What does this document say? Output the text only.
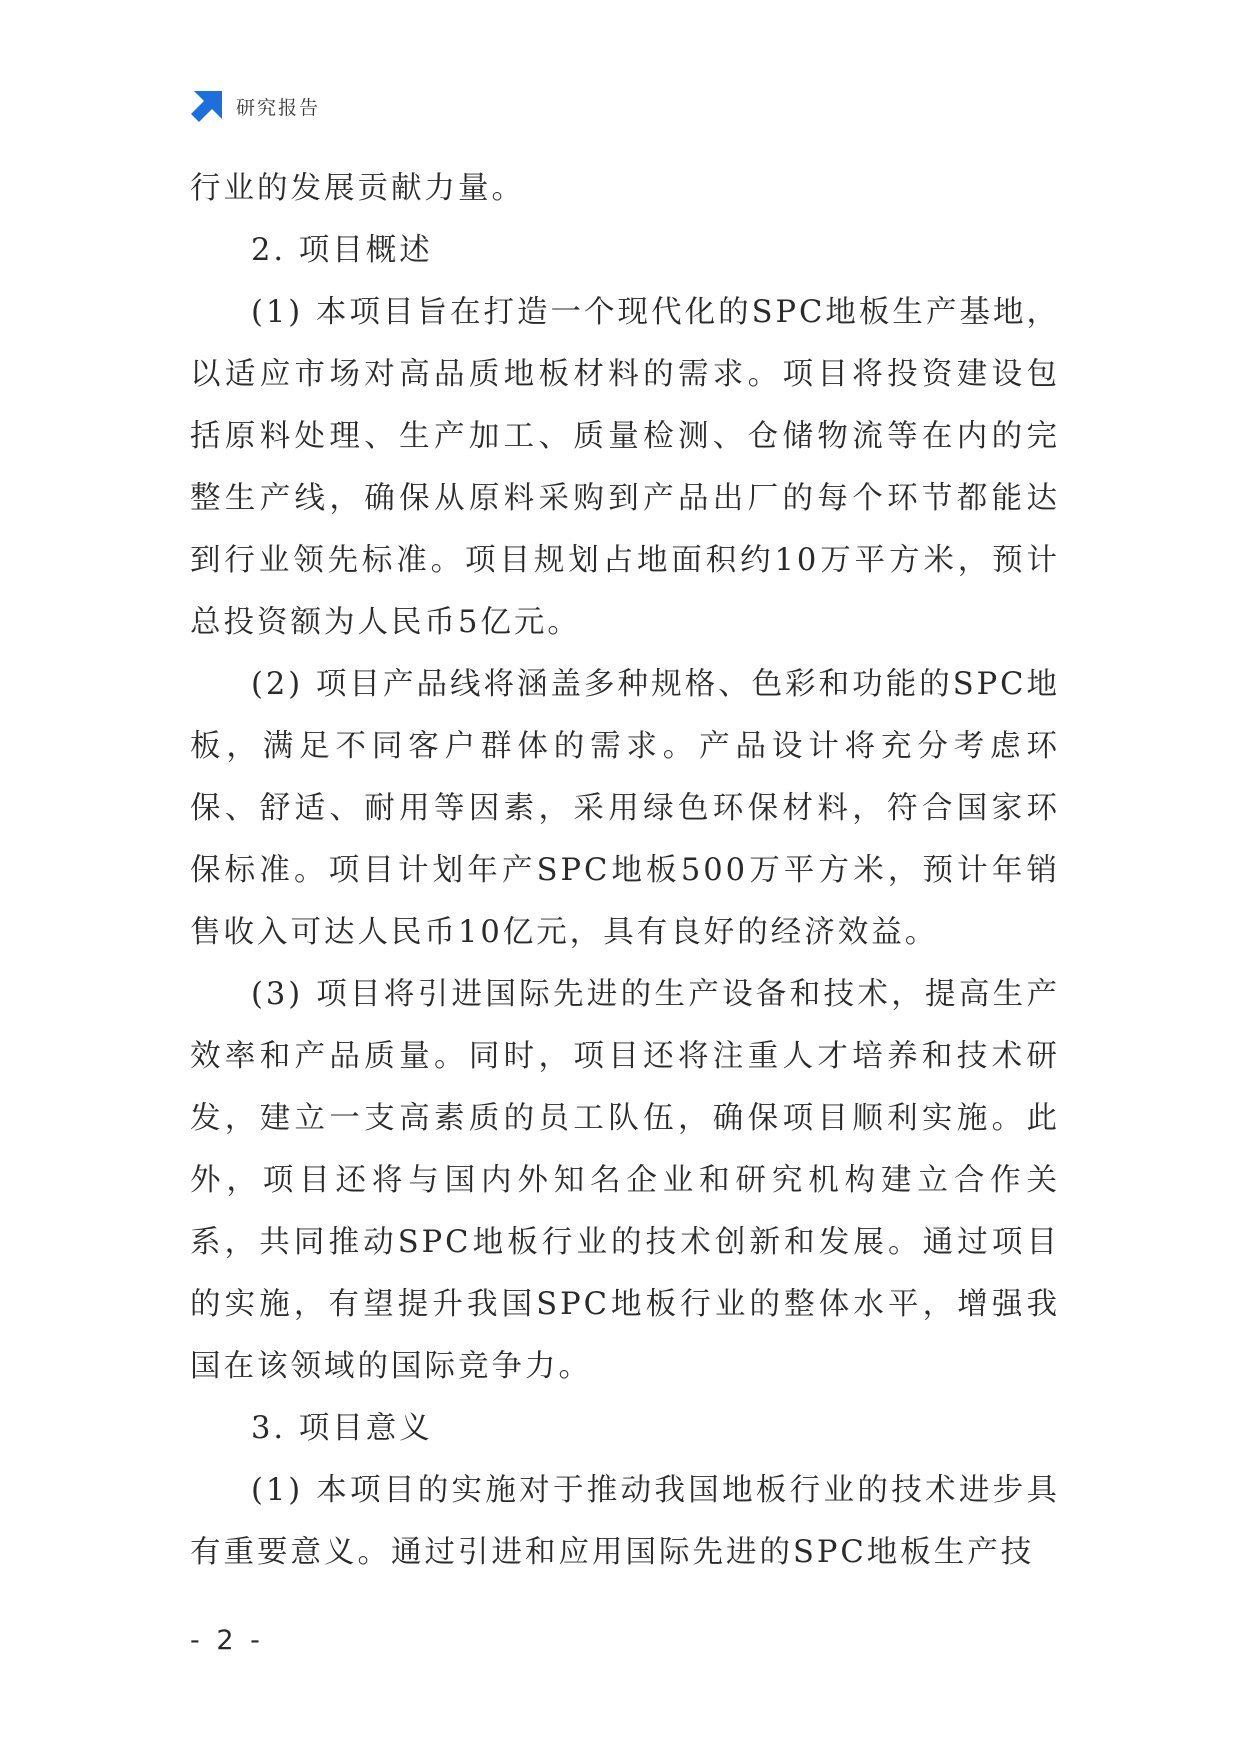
研究报告

行业的发展贡献力量。

2. 项目概述

(1) 本项目旨在打造一个现代化的SPC地板生产基地，以适应市场对高品质地板材料的需求。项目将投资建设包括原料处理、生产加工、质量检测、仓储物流等在内的完整生产线，确保从原料采购到产品出厂的每个环节都能达到行业领先标准。项目规划占地面积约10万平方米，预计总投资额为人民币5亿元。

(2) 项目产品线将涵盖多种规格、色彩和功能的SPC地板，满足不同客户群体的需求。产品设计将充分考虑环保、舒适、耐用等因素，采用绿色环保材料，符合国家环保标准。项目计划年产SPC地板500万平方米，预计年销售收入可达人民币10亿元，具有良好的经济效益。

(3) 项目将引进国际先进的生产设备和技术，提高生产效率和产品质量。同时，项目还将注重人才培养和技术研发，建立一支高素质的员工队伍，确保项目顺利实施。此外，项目还将与国内外知名企业和研究机构建立合作关系，共同推动SPC地板行业的技术创新和发展。通过项目的实施，有望提升我国SPC地板行业的整体水平，增强我国在该领域的国际竞争力。

3. 项目意义

(1) 本项目的实施对于推动我国地板行业的技术进步具有重要意义。通过引进和应用国际先进的SPC地板生产技

- 2 -
